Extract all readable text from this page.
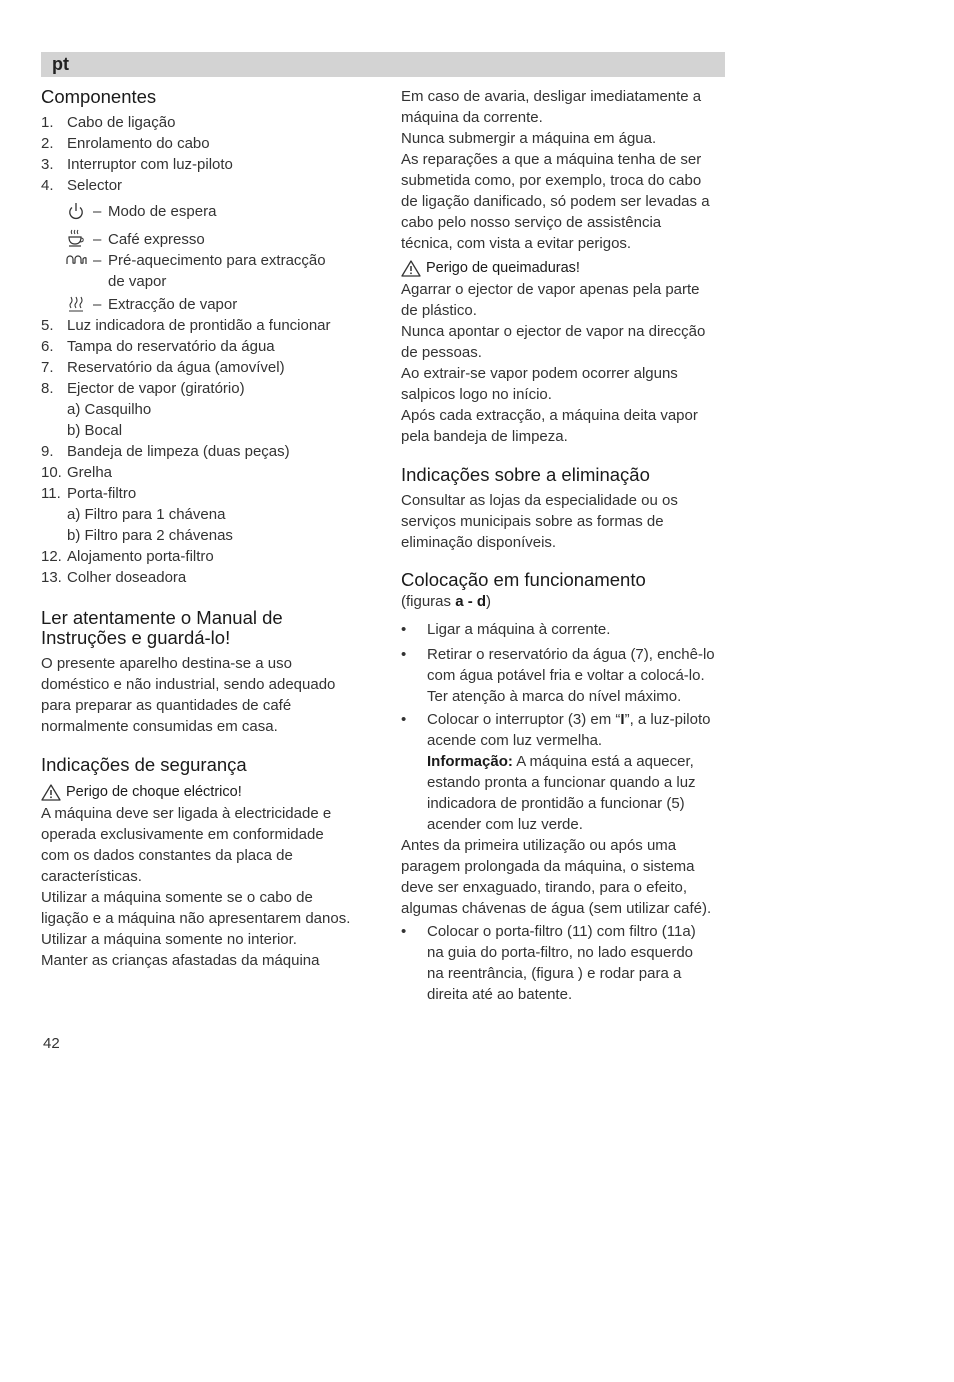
pt
Componentes
1. Cabo de ligação
2. Enrolamento do cabo
3. Interruptor com luz-piloto
4. Selector
– Modo de espera
– Café expresso
– Pré-aquecimento para extracção
de vapor
– Extracção de vapor
5. Luz indicadora de prontidão a funcionar
6. Tampa do reservatório da água
7. Reservatório da água (amovível)
8. Ejector de vapor (giratório)
a) Casquilho
b) Bocal
9. Bandeja de limpeza (duas peças)
10. Grelha
11. Porta-filtro
a) Filtro para 1 chávena
b) Filtro para 2 chávenas
12. Alojamento porta-filtro
13. Colher doseadora
Ler atentamente o Manual de
Instruções e guardá-lo!

O presente aparelho destina-se a uso

doméstico e não industrial, sendo adequado

para preparar as quantidades de café

normalmente consumidas em casa.

Indicações de segurança
Perigo de choque eléctrico!

A máquina deve ser ligada à electricidade e

operada exclusivamente em conformidade

com os dados constantes da placa de

características.

Utilizar a máquina somente se o cabo de

ligação e a máquina não apresentarem danos.

Utilizar a máquina somente no interior.

Manter as crianças afastadas da máquina

Em caso de avaria, desligar imediatamente a

máquina da corrente.

Nunca submergir a máquina em água.

As reparações a que a máquina tenha de ser

submetida como, por exemplo, troca do cabo

de ligação danificado, só podem ser levadas a

cabo pelo nosso serviço de assistência

técnica, com vista a evitar perigos.

Perigo de queimaduras!

Agarrar o ejector de vapor apenas pela parte

de plástico.

Nunca apontar o ejector de vapor na direcção

de pessoas.

Ao extrair-se vapor podem ocorrer alguns

salpicos logo no início.

Após cada extracção, a máquina deita vapor

pela bandeja de limpeza.

Indicações sobre a eliminação

Consultar as lojas da especialidade ou os

serviços municipais sobre as formas de

eliminação disponíveis.

Colocação em funcionamento

(figuras a - d)

• Ligar a máquina à corrente.

• Retirar o reservatório da água (7), enchê-lo

com água potável fria e voltar a colocá-lo.

Ter atenção à marca do nível máximo.

• Colocar o interruptor (3) em “I”, a luz-piloto

acende com luz vermelha.

Informação: A máquina está a aquecer,

estando pronta a funcionar quando a luz

indicadora de prontidão a funcionar (5)

acender com luz verde.

Antes da primeira utilização ou após uma

paragem prolongada da máquina, o sistema

deve ser enxaguado, tirando, para o efeito,

algumas chávenas de água (sem utilizar café).

• Colocar o porta-filtro (11) com filtro (11a)

na guia do porta-filtro, no lado esquerdo

na reentrância, (figura ) e rodar para a

direita até ao batente.

42
